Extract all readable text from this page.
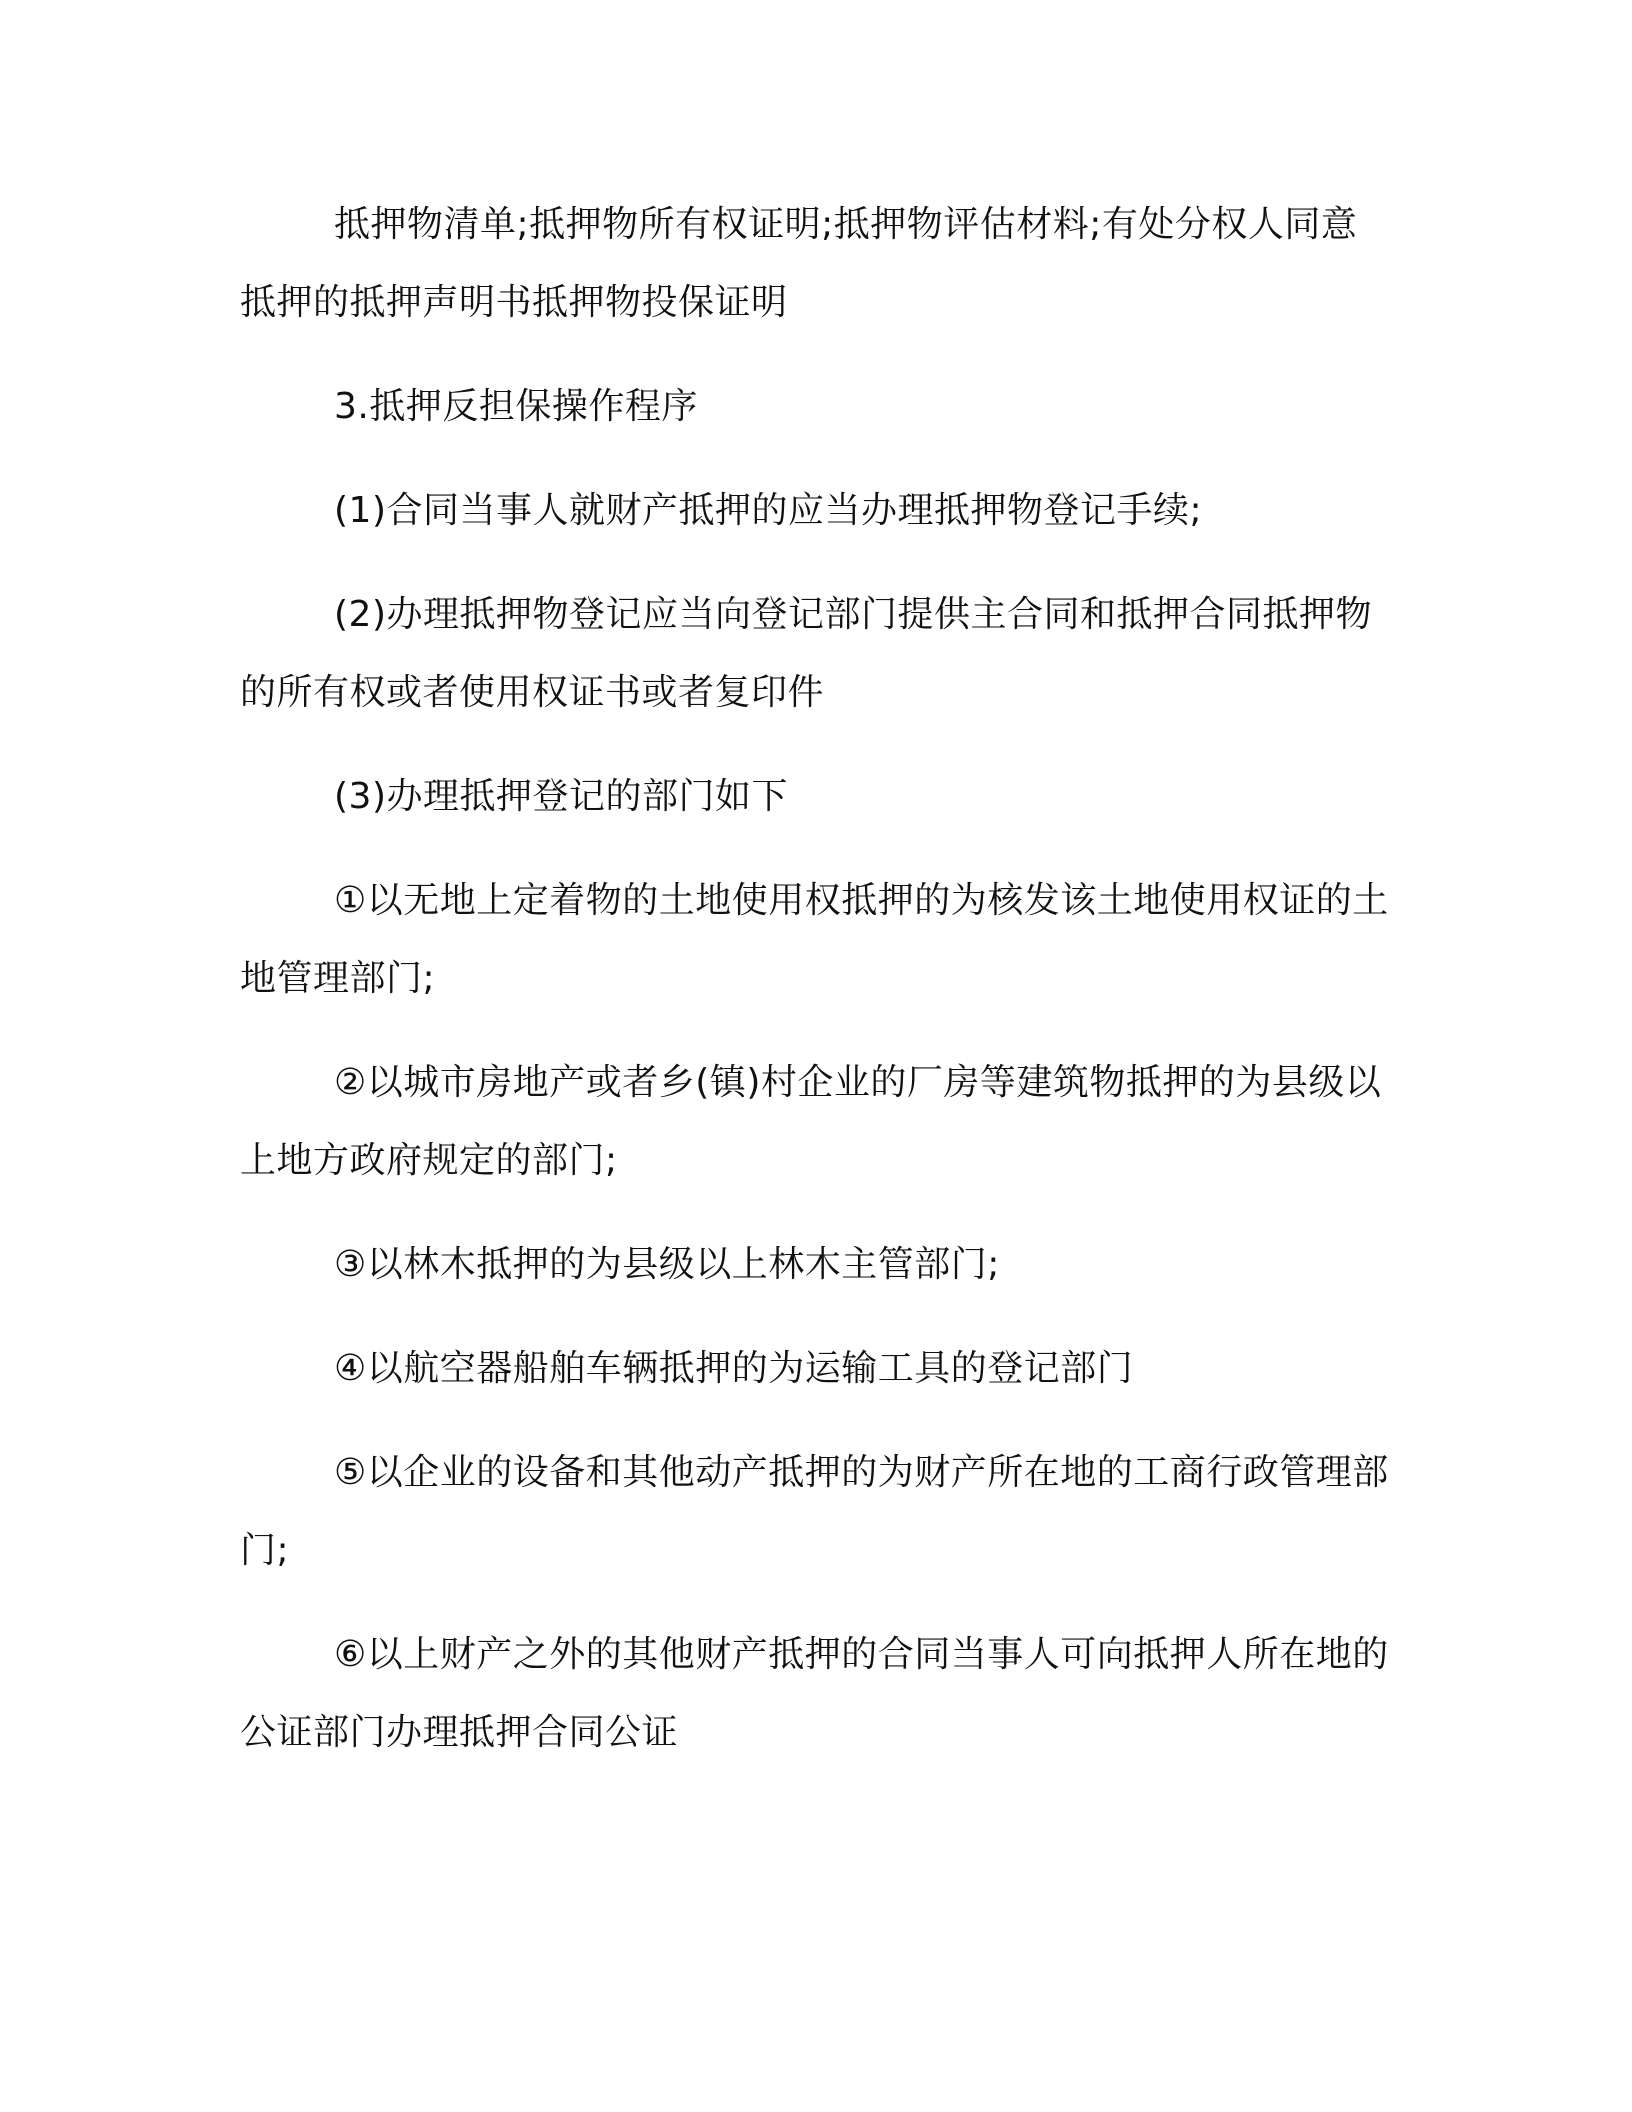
抵押物清单;抵押物所有权证明;抵押物评估材料;有处分权人同意抵押的抵押声明书抵押物投保证明

3.抵押反担保操作程序

(1)合同当事人就财产抵押的应当办理抵押物登记手续;

(2)办理抵押物登记应当向登记部门提供主合同和抵押合同抵押物的所有权或者使用权证书或者复印件

(3)办理抵押登记的部门如下

①以无地上定着物的土地使用权抵押的为核发该土地使用权证的土地管理部门;

②以城市房地产或者乡(镇)村企业的厂房等建筑物抵押的为县级以上地方政府规定的部门;

③以林木抵押的为县级以上林木主管部门;

④以航空器船舶车辆抵押的为运输工具的登记部门

⑤以企业的设备和其他动产抵押的为财产所在地的工商行政管理部门;

⑥以上财产之外的其他财产抵押的合同当事人可向抵押人所在地的公证部门办理抵押合同公证
